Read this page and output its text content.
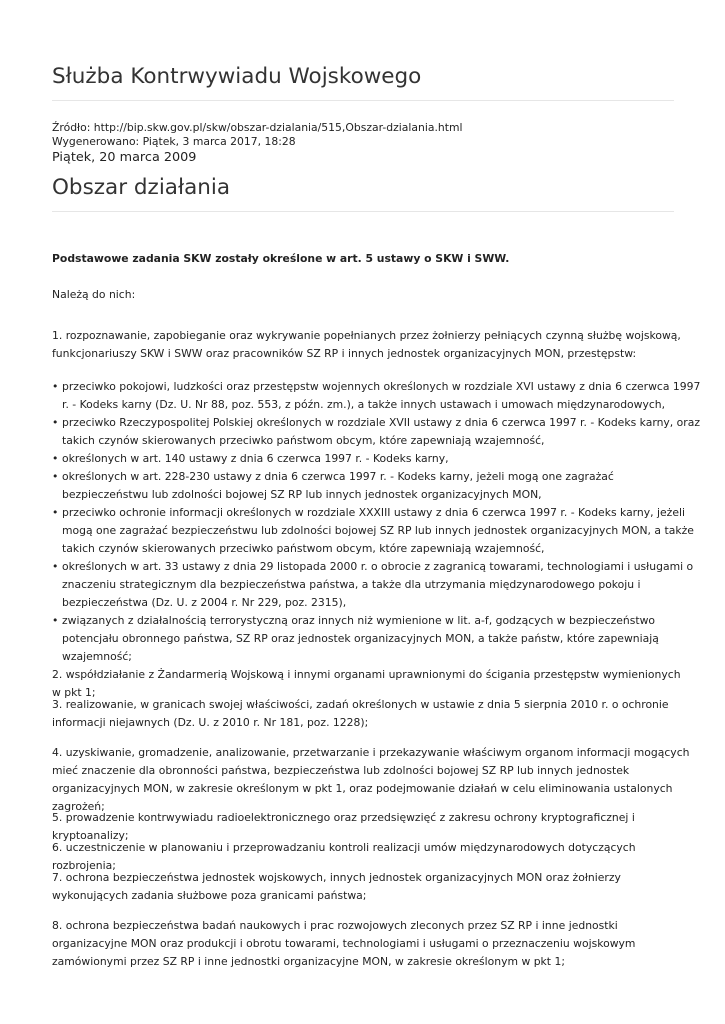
Służba Kontrwywiadu Wojskowego
Źródło: http://bip.skw.gov.pl/skw/obszar-dzialania/515,Obszar-dzialania.html
Wygenerowano: Piątek, 3 marca 2017, 18:28
Piątek, 20 marca 2009
Obszar działania
Podstawowe zadania SKW zostały określone w art. 5 ustawy o SKW i SWW.
Należą do nich:

1. rozpoznawanie, zapobieganie oraz wykrywanie popełnianych przez żołnierzy pełniących czynną służbę wojskową, funkcjonariuszy SKW i SWW oraz pracowników SZ RP i innych jednostek organizacyjnych MON, przestępstw:

• przeciwko pokojowi, ludzkości oraz przestępstw wojennych określonych w rozdziale XVI ustawy z dnia 6 czerwca 1997 r. - Kodeks karny (Dz. U. Nr 88, poz. 553, z późn. zm.), a także innych ustawach i umowach międzynarodowych,
• przeciwko Rzeczypospolitej Polskiej określonych w rozdziale XVII ustawy z dnia 6 czerwca 1997 r. - Kodeks karny, oraz takich czynów skierowanych przeciwko państwom obcym, które zapewniają wzajemność,
• określonych w art. 140 ustawy z dnia 6 czerwca 1997 r. - Kodeks karny,
• określonych w art. 228-230 ustawy z dnia 6 czerwca 1997 r. - Kodeks karny, jeżeli mogą one zagrażać bezpieczeństwu lub zdolności bojowej SZ RP lub innych jednostek organizacyjnych MON,
• przeciwko ochronie informacji określonych w rozdziale XXXIII ustawy z dnia 6 czerwca 1997 r. - Kodeks karny, jeżeli mogą one zagrażać bezpieczeństwu lub zdolności bojowej SZ RP lub innych jednostek organizacyjnych MON, a także takich czynów skierowanych przeciwko państwom obcym, które zapewniają wzajemność,
• określonych w art. 33 ustawy z dnia 29 listopada 2000 r. o obrocie z zagranicą towarami, technologiami i usługami o znaczeniu strategicznym dla bezpieczeństwa państwa, a także dla utrzymania międzynarodowego pokoju i bezpieczeństwa (Dz. U. z 2004 r. Nr 229, poz. 2315),
• związanych z działalnością terrorystyczną oraz innych niż wymienione w lit. a-f, godzących w bezpieczeństwo potencjału obronnego państwa, SZ RP oraz jednostek organizacyjnych MON, a także państw, które zapewniają wzajemność;

2. współdziałanie z Żandarmerią Wojskową i innymi organami uprawnionymi do ścigania przestępstw wymienionych w pkt 1;

3. realizowanie, w granicach swojej właściwości, zadań określonych w ustawie z dnia 5 sierpnia 2010 r. o ochronie informacji niejawnych (Dz. U. z 2010 r. Nr 181, poz. 1228);

4. uzyskiwanie, gromadzenie, analizowanie, przetwarzanie i przekazywanie właściwym organom informacji mogących mieć znaczenie dla obronności państwa, bezpieczeństwa lub zdolności bojowej SZ RP lub innych jednostek organizacyjnych MON, w zakresie określonym w pkt 1, oraz podejmowanie działań w celu eliminowania ustalonych zagrożeń;

5. prowadzenie kontrwywiadu radioelektronicznego oraz przedsięwzięć z zakresu ochrony kryptograficznej i kryptoanalizy;

6. uczestniczenie w planowaniu i przeprowadzaniu kontroli realizacji umów międzynarodowych dotyczących rozbrojenia;

7. ochrona bezpieczeństwa jednostek wojskowych, innych jednostek organizacyjnych MON oraz żołnierzy wykonujących zadania służbowe poza granicami państwa;

8. ochrona bezpieczeństwa badań naukowych i prac rozwojowych zleconych przez SZ RP i inne jednostki organizacyjne MON oraz produkcji i obrotu towarami, technologiami i usługami o przeznaczeniu wojskowym zamówionymi przez SZ RP i inne jednostki organizacyjne MON, w zakresie określonym w pkt 1;
